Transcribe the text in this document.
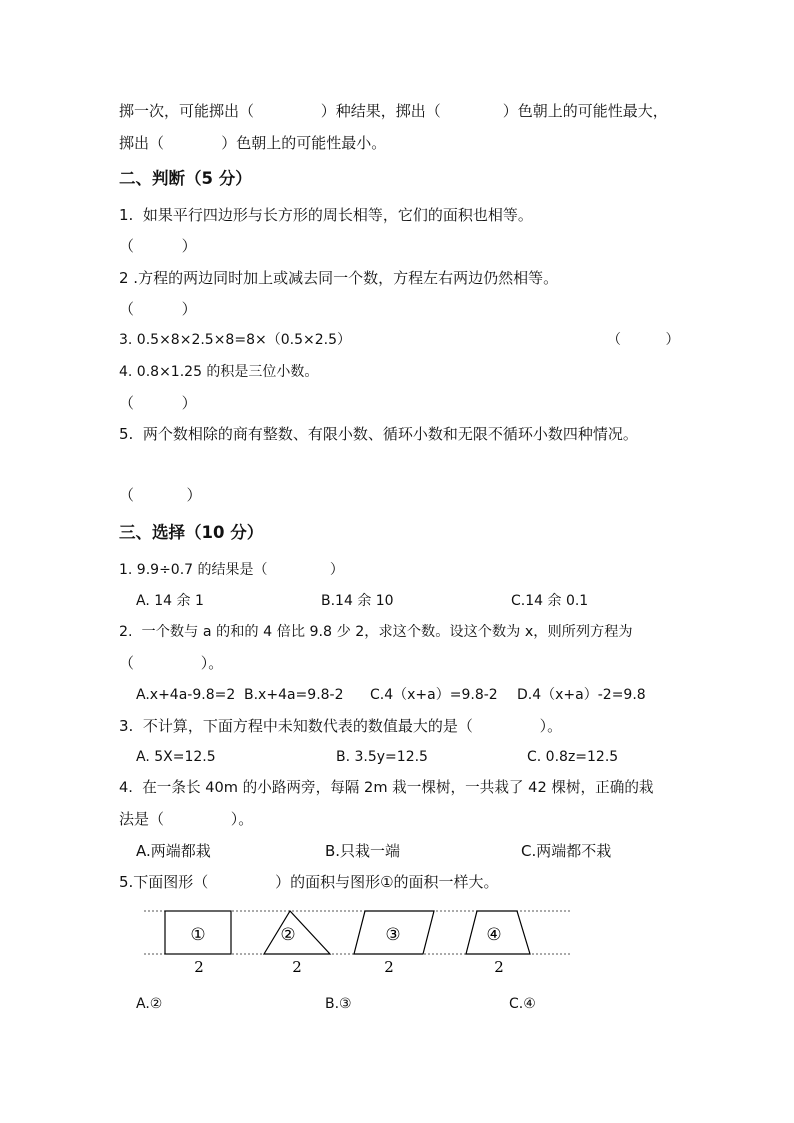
掷一次，可能掷出（              ）种结果，掷出（             ）色朝上的可能性最大，
掷出（            ）色朝上的可能性最小。
二、判断（5 分）
1.  如果平行四边形与长方形的周长相等，它们的面积也相等。
（          ）
2 .方程的两边同时加上或减去同一个数，方程左右两边仍然相等。
（          ）
3. 0.5×8×2.5×8=8×（0.5×2.5）	（          ）
4. 0.8×1.25 的积是三位小数。
（          ）
5.  两个数相除的商有整数、有限小数、循环小数和无限不循环小数四种情况。
（           ）
三、选择（10 分）
1. 9.9÷0.7 的结果是（              ）
A. 14 余 1	B.14 余 10	C.14 余 0.1
2.  一个数与 a 的和的 4 倍比 9.8 少 2，求这个数。设这个数为 x，则所列方程为
（              ）。
A.x+4a-9.8=2 B.x+4a=9.8-2 C.4（x+a）=9.8-2 D.4（x+a）-2=9.8
3.  不计算，下面方程中未知数代表的数值最大的是（              ）。
A. 5X=12.5	B. 3.5y=12.5	C. 0.8z=12.5
4.  在一条长 40m 的小路两旁，每隔 2m 栽一棵树，一共栽了 42 棵树，正确的栽
法是（              ）。
A.两端都栽	B.只栽一端	C.两端都不栽
5.下面图形（              ）的面积与图形①的面积一样大。
①	②	③	④
2	2	2	2
A.②	B.③	C.④
